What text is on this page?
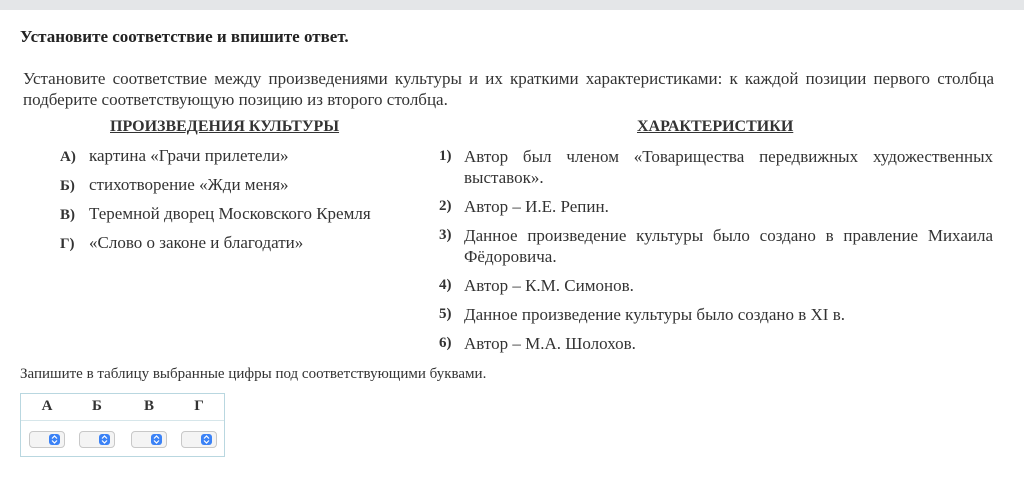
Установите соответствие и впишите ответ.
Установите соответствие между произведениями культуры и их краткими характеристиками: к каждой позиции первого столбца подберите соответствующую позицию из второго столбца.
ПРОИЗВЕДЕНИЯ КУЛЬТУРЫ	ХАРАКТЕРИСТИКИ
А) картина «Грачи прилетели»
Б) стихотворение «Жди меня»
В) Теремной дворец Московского Кремля
Г) «Слово о законе и благодати»
1) Автор был членом «Товарищества передвижных художественных выставок».
2) Автор – И.Е. Репин.
3) Данное произведение культуры было создано в правление Михаила Фёдоровича.
4) Автор – К.М. Симонов.
5) Данное произведение культуры было создано в XI в.
6) Автор – М.А. Шолохов.
Запишите в таблицу выбранные цифры под соответствующими буквами.
А	Б	В	Г
